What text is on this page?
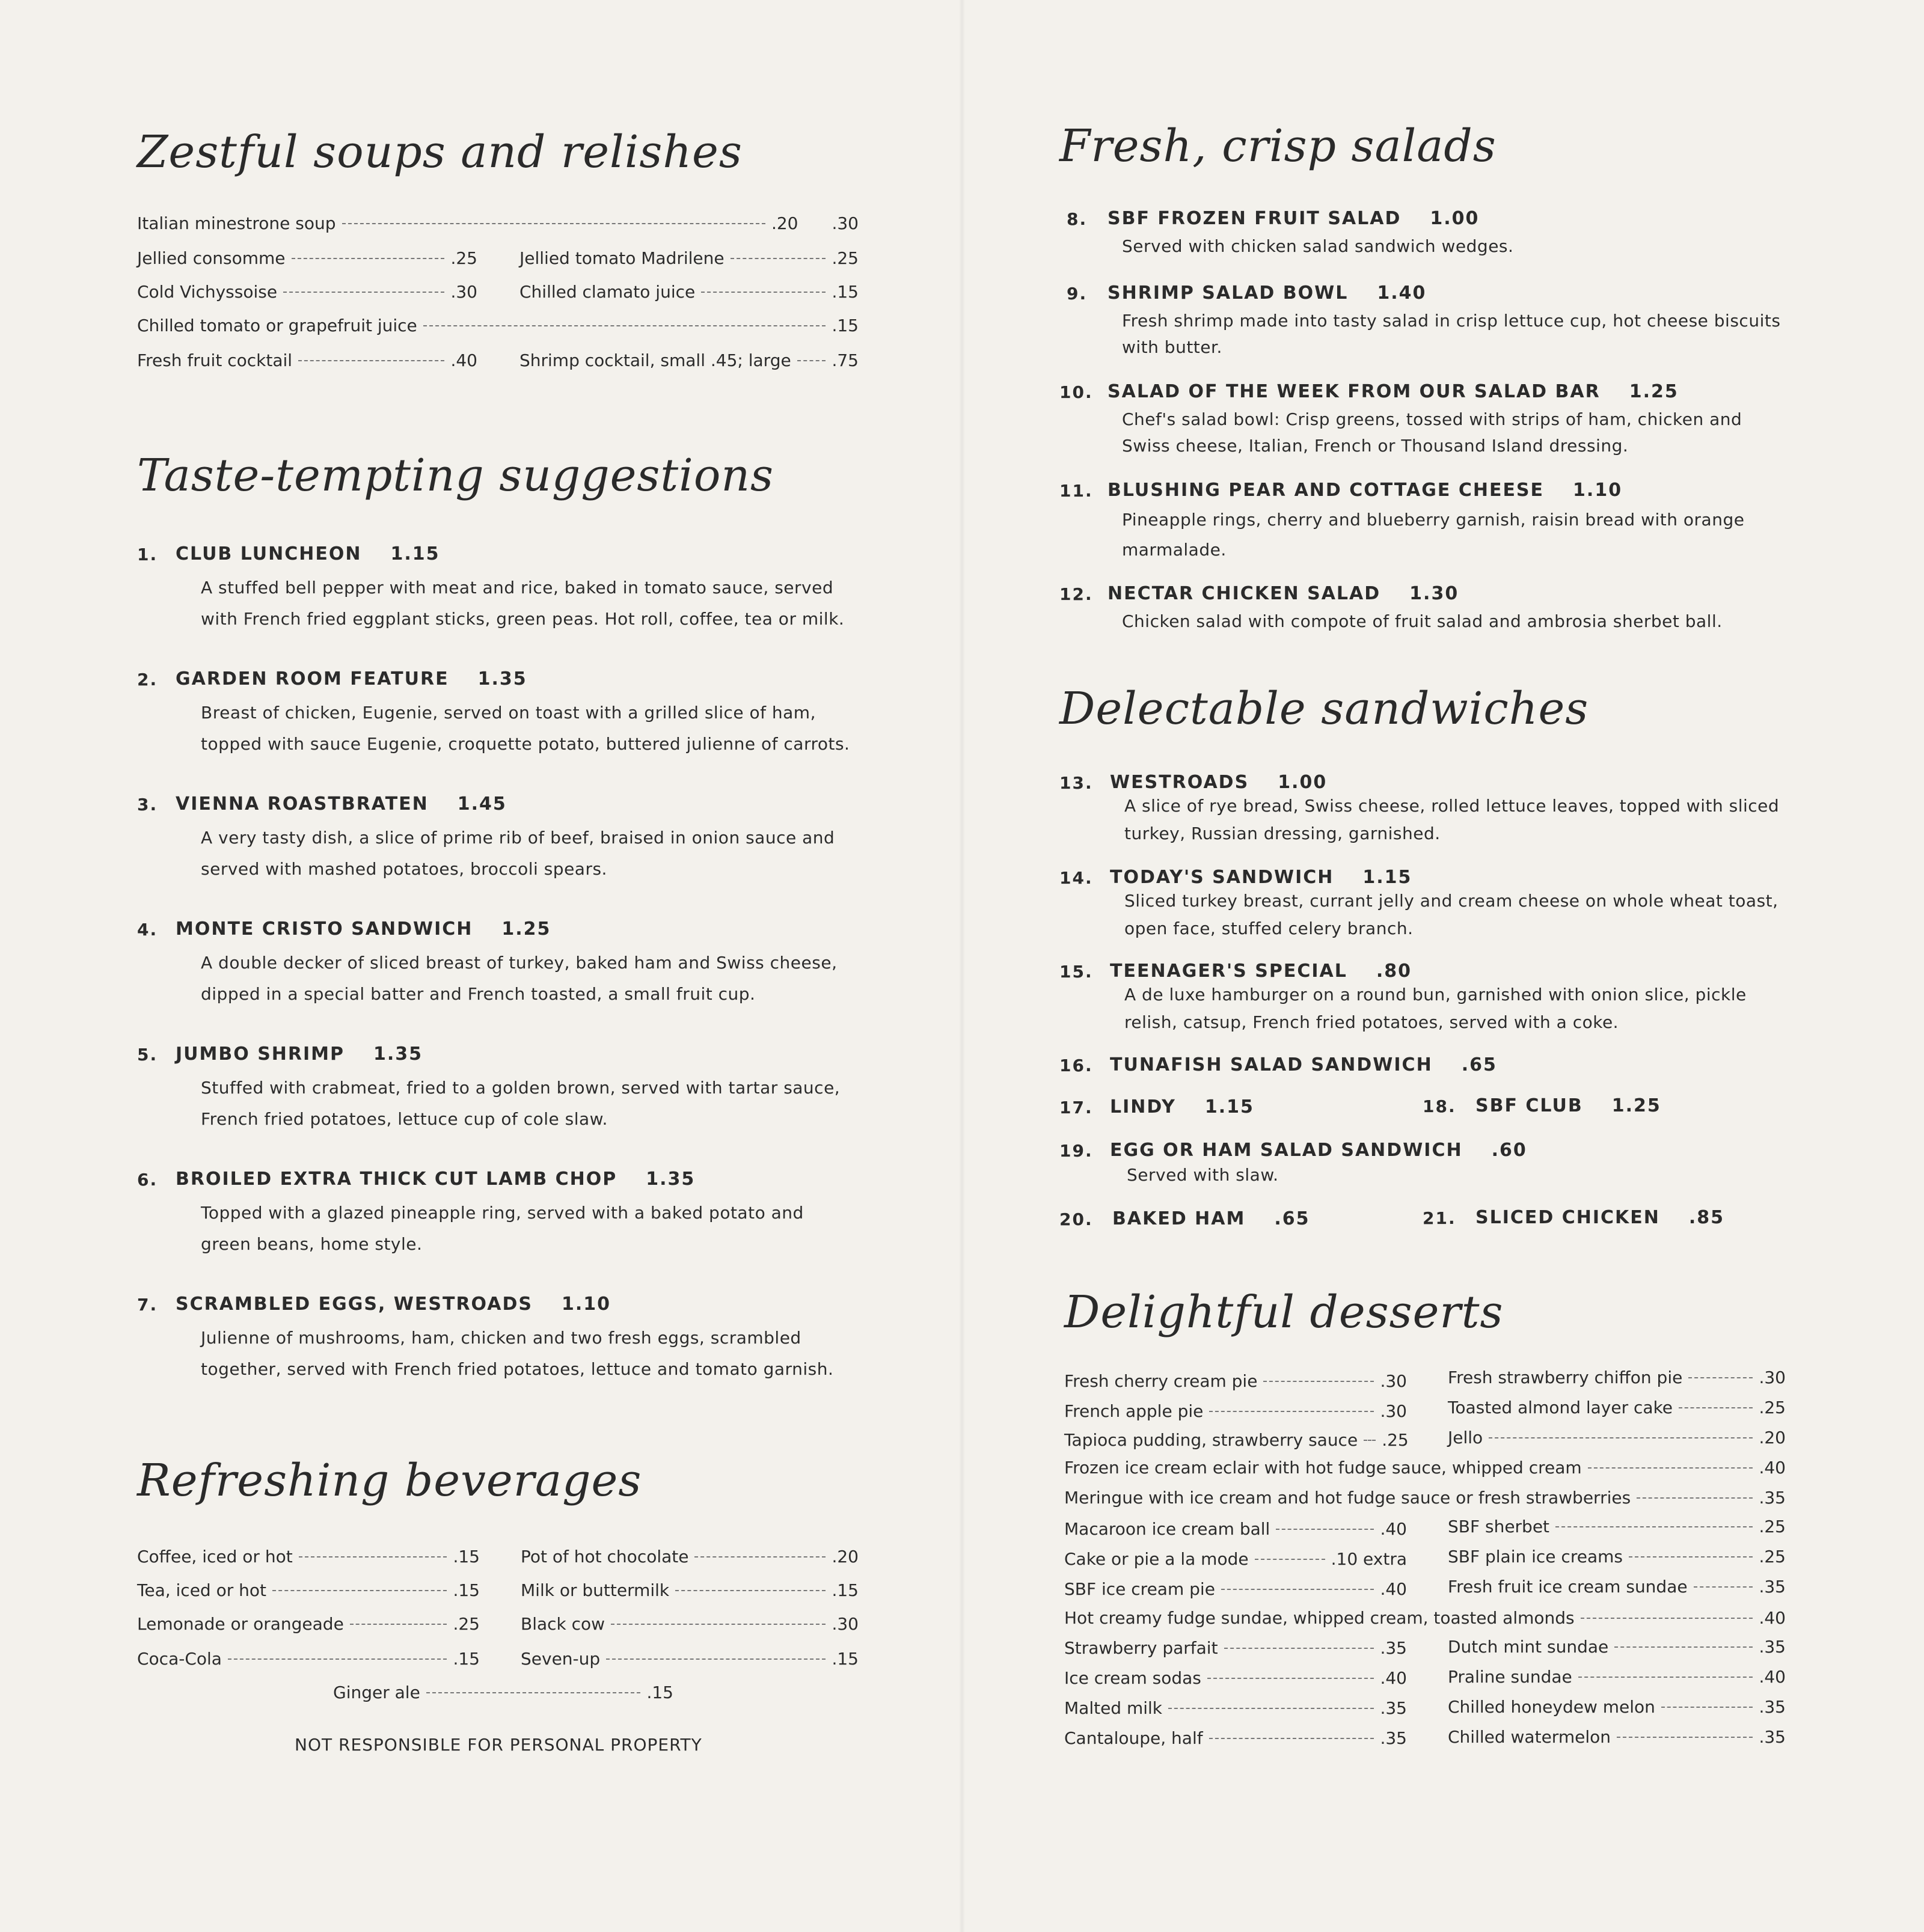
Zestful soups and relishes
Italian minestrone soup	.20 .30
Jellied consomme	.25	Jellied tomato Madrilene	.25
Cold Vichyssoise	.30	Chilled clamato juice	.15
Chilled tomato or grapefruit juice	.15
Fresh fruit cocktail	.40	Shrimp cocktail, small .45; large .75
Taste-tempting suggestions
1. CLUB LUNCHEON 1.15
A stuffed bell pepper with meat and rice, baked in tomato sauce, served with French fried eggplant sticks, green peas. Hot roll, coffee, tea or milk.
2. GARDEN ROOM FEATURE 1.35
Breast of chicken, Eugenie, served on toast with a grilled slice of ham, topped with sauce Eugenie, croquette potato, buttered julienne of carrots.
3. VIENNA ROASTBRATEN 1.45
A very tasty dish, a slice of prime rib of beef, braised in onion sauce and served with mashed potatoes, broccoli spears.
4. MONTE CRISTO SANDWICH 1.25
A double decker of sliced breast of turkey, baked ham and Swiss cheese, dipped in a special batter and French toasted, a small fruit cup.
5. JUMBO SHRIMP 1.35
Stuffed with crabmeat, fried to a golden brown, served with tartar sauce, French fried potatoes, lettuce cup of cole slaw.
6. BROILED EXTRA THICK CUT LAMB CHOP 1.35
Topped with a glazed pineapple ring, served with a baked potato and green beans, home style.
7. SCRAMBLED EGGS, WESTROADS 1.10
Julienne of mushrooms, ham, chicken and two fresh eggs, scrambled together, served with French fried potatoes, lettuce and tomato garnish.
Refreshing beverages
Coffee, iced or hot	.15 Pot of hot chocolate	.20
Tea, iced or hot	.15 Milk or buttermilk	.15
Lemonade or orangeade	.25 Black cow	.30
Coca-Cola	.15 Seven-up	.15
Ginger ale	.15
NOT RESPONSIBLE FOR PERSONAL PROPERTY
Fresh, crisp salads
8. SBF FROZEN FRUIT SALAD 1.00
Served with chicken salad sandwich wedges.
9. SHRIMP SALAD BOWL 1.40
Fresh shrimp made into tasty salad in crisp lettuce cup, hot cheese biscuits with butter.
10. SALAD OF THE WEEK FROM OUR SALAD BAR 1.25
Chef's salad bowl: Crisp greens, tossed with strips of ham, chicken and Swiss cheese, Italian, French or Thousand Island dressing.
11. BLUSHING PEAR AND COTTAGE CHEESE 1.10
Pineapple rings, cherry and blueberry garnish, raisin bread with orange marmalade.
12. NECTAR CHICKEN SALAD 1.30
Chicken salad with compote of fruit salad and ambrosia sherbet ball.
Delectable sandwiches
13. WESTROADS 1.00
A slice of rye bread, Swiss cheese, rolled lettuce leaves, topped with sliced turkey, Russian dressing, garnished.
14. TODAY'S SANDWICH 1.15
Sliced turkey breast, currant jelly and cream cheese on whole wheat toast, open face, stuffed celery branch.
15. TEENAGER'S SPECIAL .80
A de luxe hamburger on a round bun, garnished with onion slice, pickle relish, catsup, French fried potatoes, served with a coke.
16. TUNAFISH SALAD SANDWICH .65
17. LINDY 1.15	18. SBF CLUB 1.25
19. EGG OR HAM SALAD SANDWICH .60
Served with slaw.
20. BAKED HAM .65	21. SLICED CHICKEN .85
Delightful desserts
Fresh cherry cream pie	.30 Fresh strawberry chiffon pie	.30
French apple pie	.30 Toasted almond layer cake	.25
Tapioca pudding, strawberry sauce .25 Jello	.20
Frozen ice cream eclair with hot fudge sauce, whipped cream	.40
Meringue with ice cream and hot fudge sauce or fresh strawberries	.35
Macaroon ice cream ball	.40 SBF sherbet	.25
Cake or pie a la mode	.10 extra SBF plain ice creams	.25
SBF ice cream pie	.40 Fresh fruit ice cream sundae	.35
Hot creamy fudge sundae, whipped cream, toasted almonds	.40
Strawberry parfait	.35 Dutch mint sundae	.35
Ice cream sodas	.40 Praline sundae	.40
Malted milk	.35 Chilled honeydew melon	.35
Cantaloupe, half	.35 Chilled watermelon	.35
